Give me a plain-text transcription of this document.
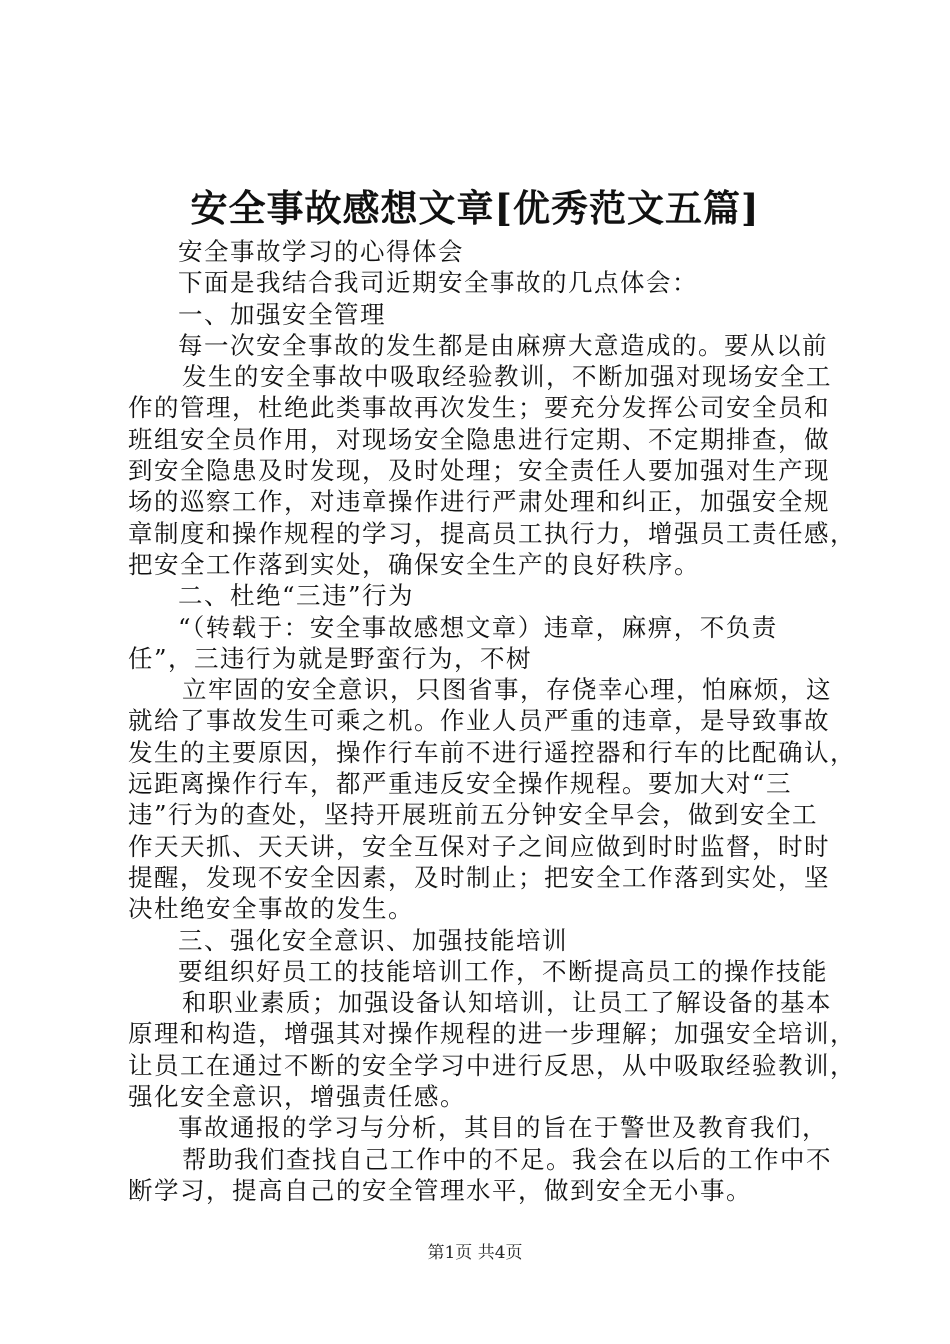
安全事故感想文章[优秀范文五篇]
安全事故学习的心得体会
下面是我结合我司近期安全事故的几点体会：
一、加强安全管理
每一次安全事故的发生都是由麻痹大意造成的。要从以前
发生的安全事故中吸取经验教训，不断加强对现场安全工
作的管理，杜绝此类事故再次发生；要充分发挥公司安全员和
班组安全员作用，对现场安全隐患进行定期、不定期排查，做
到安全隐患及时发现，及时处理；安全责任人要加强对生产现
场的巡察工作，对违章操作进行严肃处理和纠正，加强安全规
章制度和操作规程的学习，提高员工执行力，增强员工责任感，
把安全工作落到实处，确保安全生产的良好秩序。
二、杜绝“三违”行为
“（转载于：安全事故感想文章）违章，麻痹，不负责
任”，三违行为就是野蛮行为，不树
立牢固的安全意识，只图省事，存侥幸心理，怕麻烦，这
就给了事故发生可乘之机。作业人员严重的违章，是导致事故
发生的主要原因，操作行车前不进行遥控器和行车的比配确认，
远距离操作行车，都严重违反安全操作规程。要加大对“三
违”行为的查处，坚持开展班前五分钟安全早会，做到安全工
作天天抓、天天讲，安全互保对子之间应做到时时监督，时时
提醒，发现不安全因素，及时制止；把安全工作落到实处，坚
决杜绝安全事故的发生。
三、强化安全意识、加强技能培训
要组织好员工的技能培训工作，不断提高员工的操作技能
和职业素质；加强设备认知培训，让员工了解设备的基本
原理和构造，增强其对操作规程的进一步理解；加强安全培训，
让员工在通过不断的安全学习中进行反思，从中吸取经验教训，
强化安全意识，增强责任感。
事故通报的学习与分析，其目的旨在于警世及教育我们，
帮助我们查找自己工作中的不足。我会在以后的工作中不
断学习，提高自己的安全管理水平，做到安全无小事。
第1页 共4页
